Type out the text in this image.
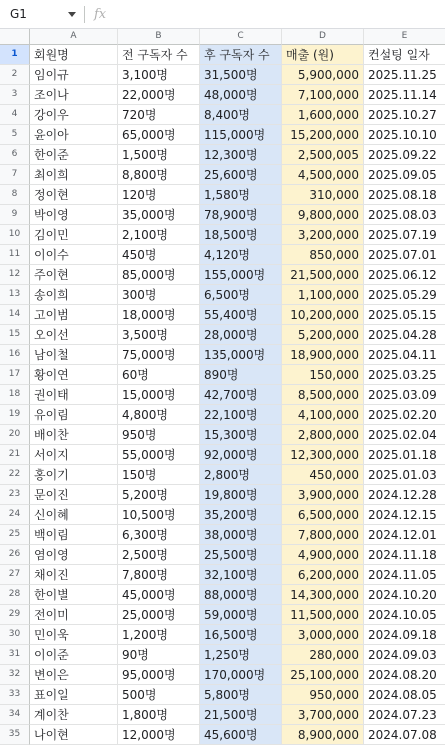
G1	fx
A	B	C	D	E
1	회원명	전 구독자 수	후 구독자 수	매출 (원)	컨설팅 일자
2	임이규	3,100명	31,500명	5,900,000 2025.11.25
3	조이나	22,000명	48,000명	7,100,000 2025.11.14
4	강이우	720명	8,400명	1,600,000 2025.10.27
5	윤이아	65,000명	115,000명	15,200,000 2025.10.10
6	한이준	1,500명	12,300명	2,500,005 2025.09.22
7	최이희	8,800명	25,600명	4,500,000 2025.09.05
8	정이현	120명	1,580명	310,000 2025.08.18
9	박이영	35,000명	78,900명	9,800,000 2025.08.03
10	김이민	2,100명	18,500명	3,200,000 2025.07.19
11	이이수	450명	4,120명	850,000 2025.07.01
12	주이현	85,000명	155,000명	21,500,000 2025.06.12
13	송이희	300명	6,500명	1,100,000 2025.05.29
14	고이범	18,000명	55,400명	10,200,000 2025.05.15
15	오이선	3,500명	28,000명	5,200,000 2025.04.28
16	남이철	75,000명	135,000명	18,900,000 2025.04.11
17	황이연	60명	890명	150,000 2025.03.25
18	권이태	15,000명	42,700명	8,500,000 2025.03.09
19	유이림	4,800명	22,100명	4,100,000 2025.02.20
20	배이찬	950명	15,300명	2,800,000 2025.02.04
21	서이지	55,000명	92,000명	12,300,000 2025.01.18
22	홍이기	150명	2,800명	450,000 2025.01.03
23	문이진	5,200명	19,800명	3,900,000 2024.12.28
24	신이혜	10,500명	35,200명	6,500,000 2024.12.15
25	백이림	6,300명	38,000명	7,800,000 2024.12.01
26	염이영	2,500명	25,500명	4,900,000 2024.11.18
27	채이진	7,800명	32,100명	6,200,000 2024.11.05
28	한이별	45,000명	88,000명	14,300,000 2024.10.20
29	전이미	25,000명	59,000명	11,500,000 2024.10.05
30	민이욱	1,200명	16,500명	3,000,000 2024.09.18
31	이이준	90명	1,250명	280,000 2024.09.03
32	변이은	95,000명	170,000명	25,100,000 2024.08.20
33	표이일	500명	5,800명	950,000 2024.08.05
34	계이찬	1,800명	21,500명	3,700,000 2024.07.23
35	나이현	12,000명	45,600명	8,900,000 2024.07.08
